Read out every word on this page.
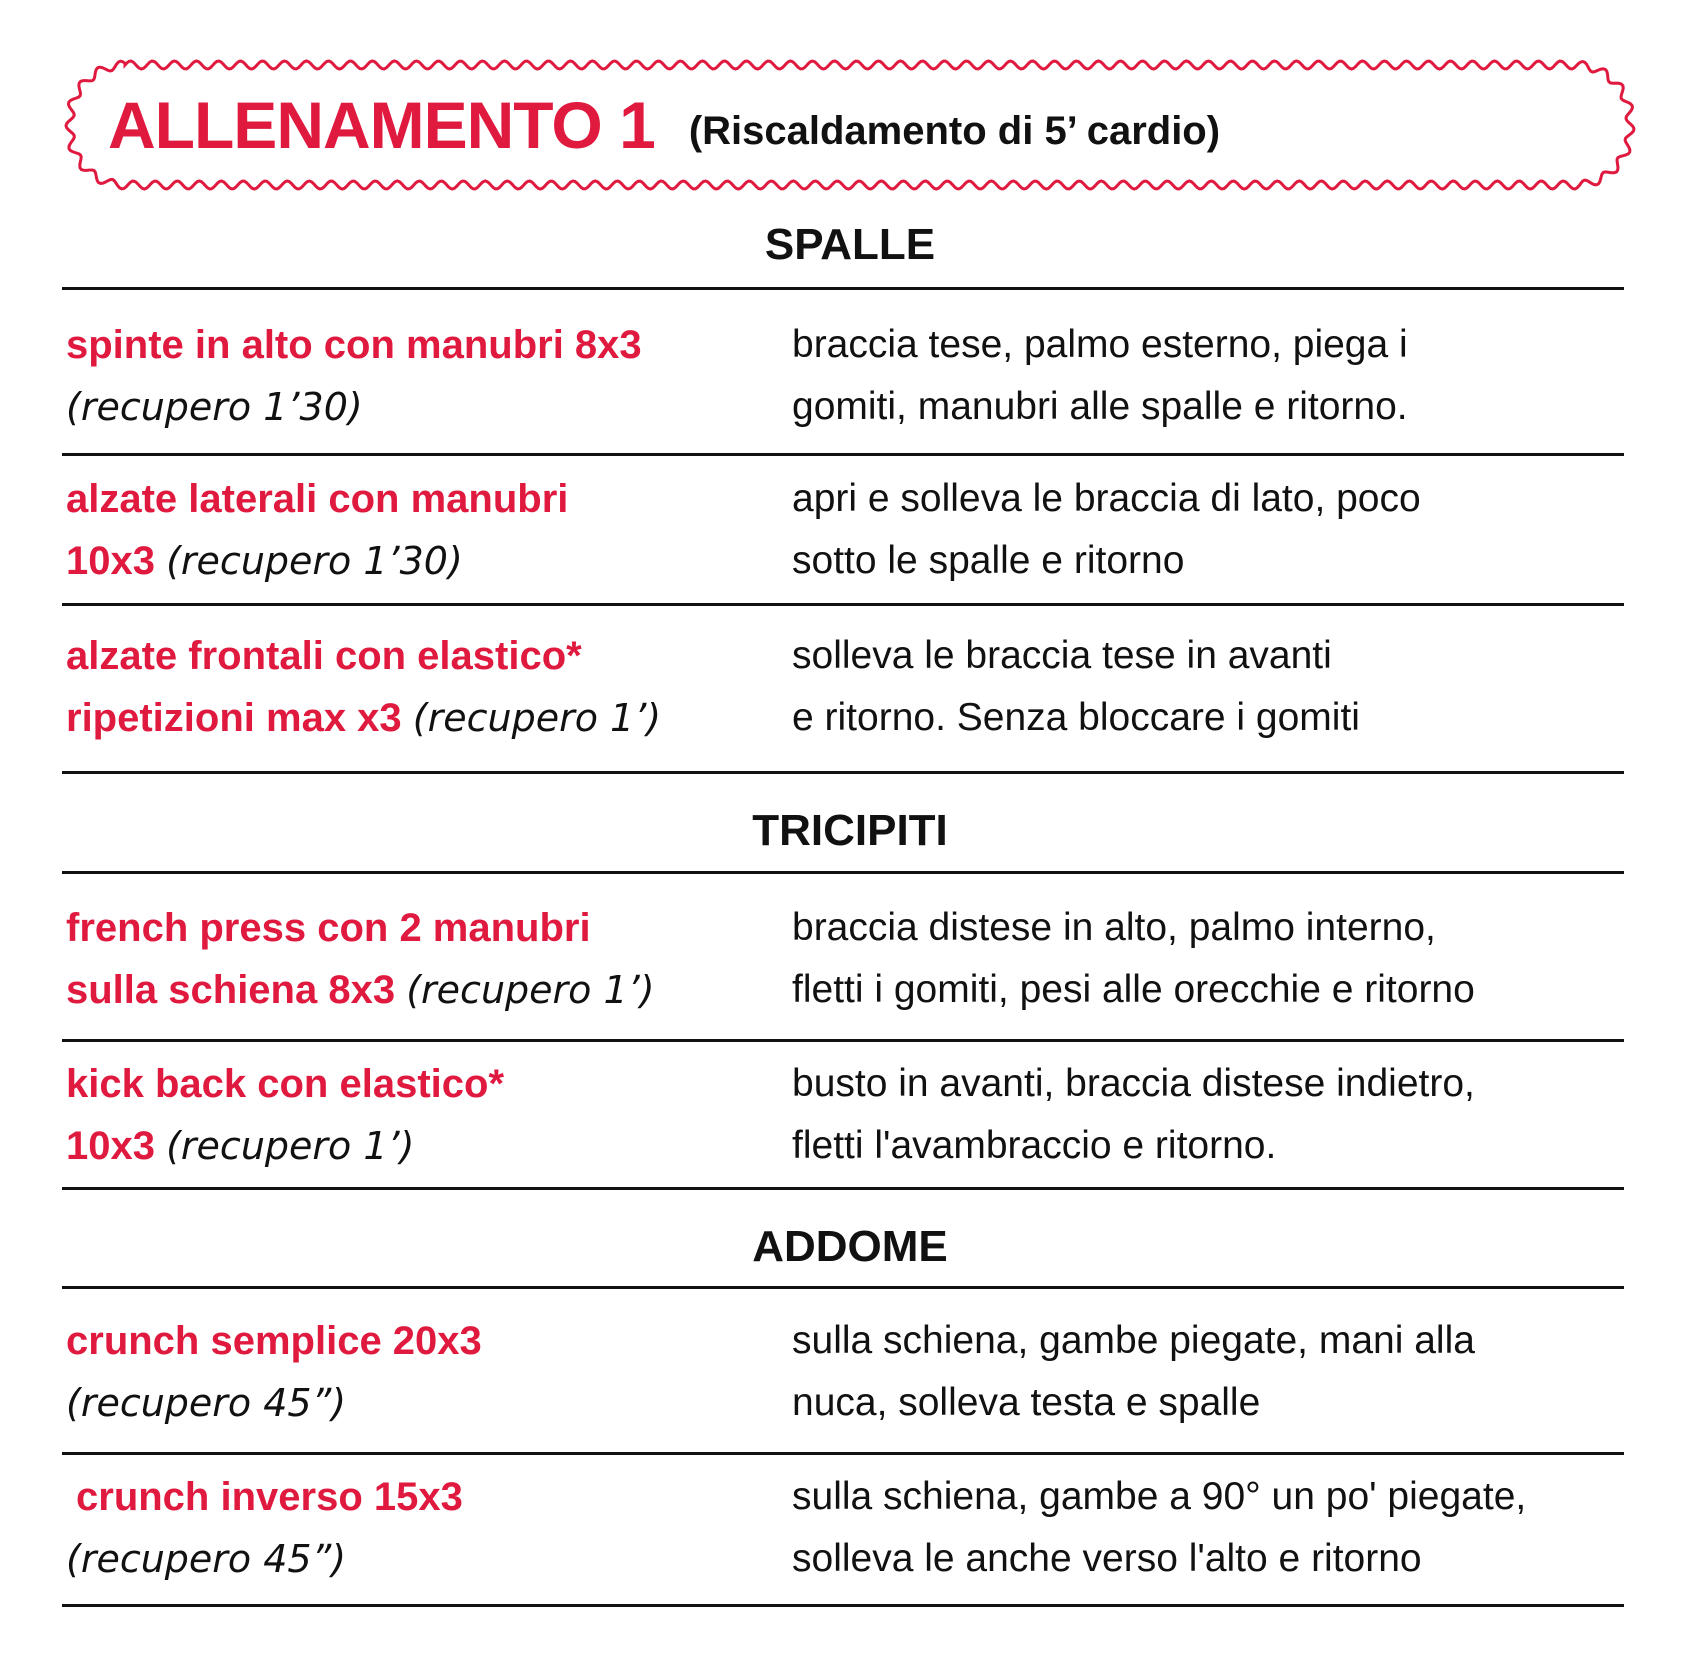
ALLENAMENTO 1 (Riscaldamento di 5’ cardio)
SPALLE
spinte in alto con manubri 8x3
(recupero 1’30)
braccia tese, palmo esterno, piega i
gomiti, manubri alle spalle e ritorno.
alzate laterali con manubri
10x3 (recupero 1’30)
apri e solleva le braccia di lato, poco
sotto le spalle e ritorno
alzate frontali con elastico*
ripetizioni max x3 (recupero 1’)
solleva le braccia tese in avanti
e ritorno. Senza bloccare i gomiti
TRICIPITI
french press con 2 manubri
sulla schiena 8x3 (recupero 1’)
braccia distese in alto, palmo interno,
fletti i gomiti, pesi alle orecchie e ritorno
kick back con elastico*
10x3 (recupero 1’)
busto in avanti, braccia distese indietro,
fletti l'avambraccio e ritorno.
ADDOME
crunch semplice 20x3
(recupero 45”)
sulla schiena, gambe piegate, mani alla
nuca, solleva testa e spalle
crunch inverso 15x3
(recupero 45”)
sulla schiena, gambe a 90° un po' piegate,
solleva le anche verso l'alto e ritorno
